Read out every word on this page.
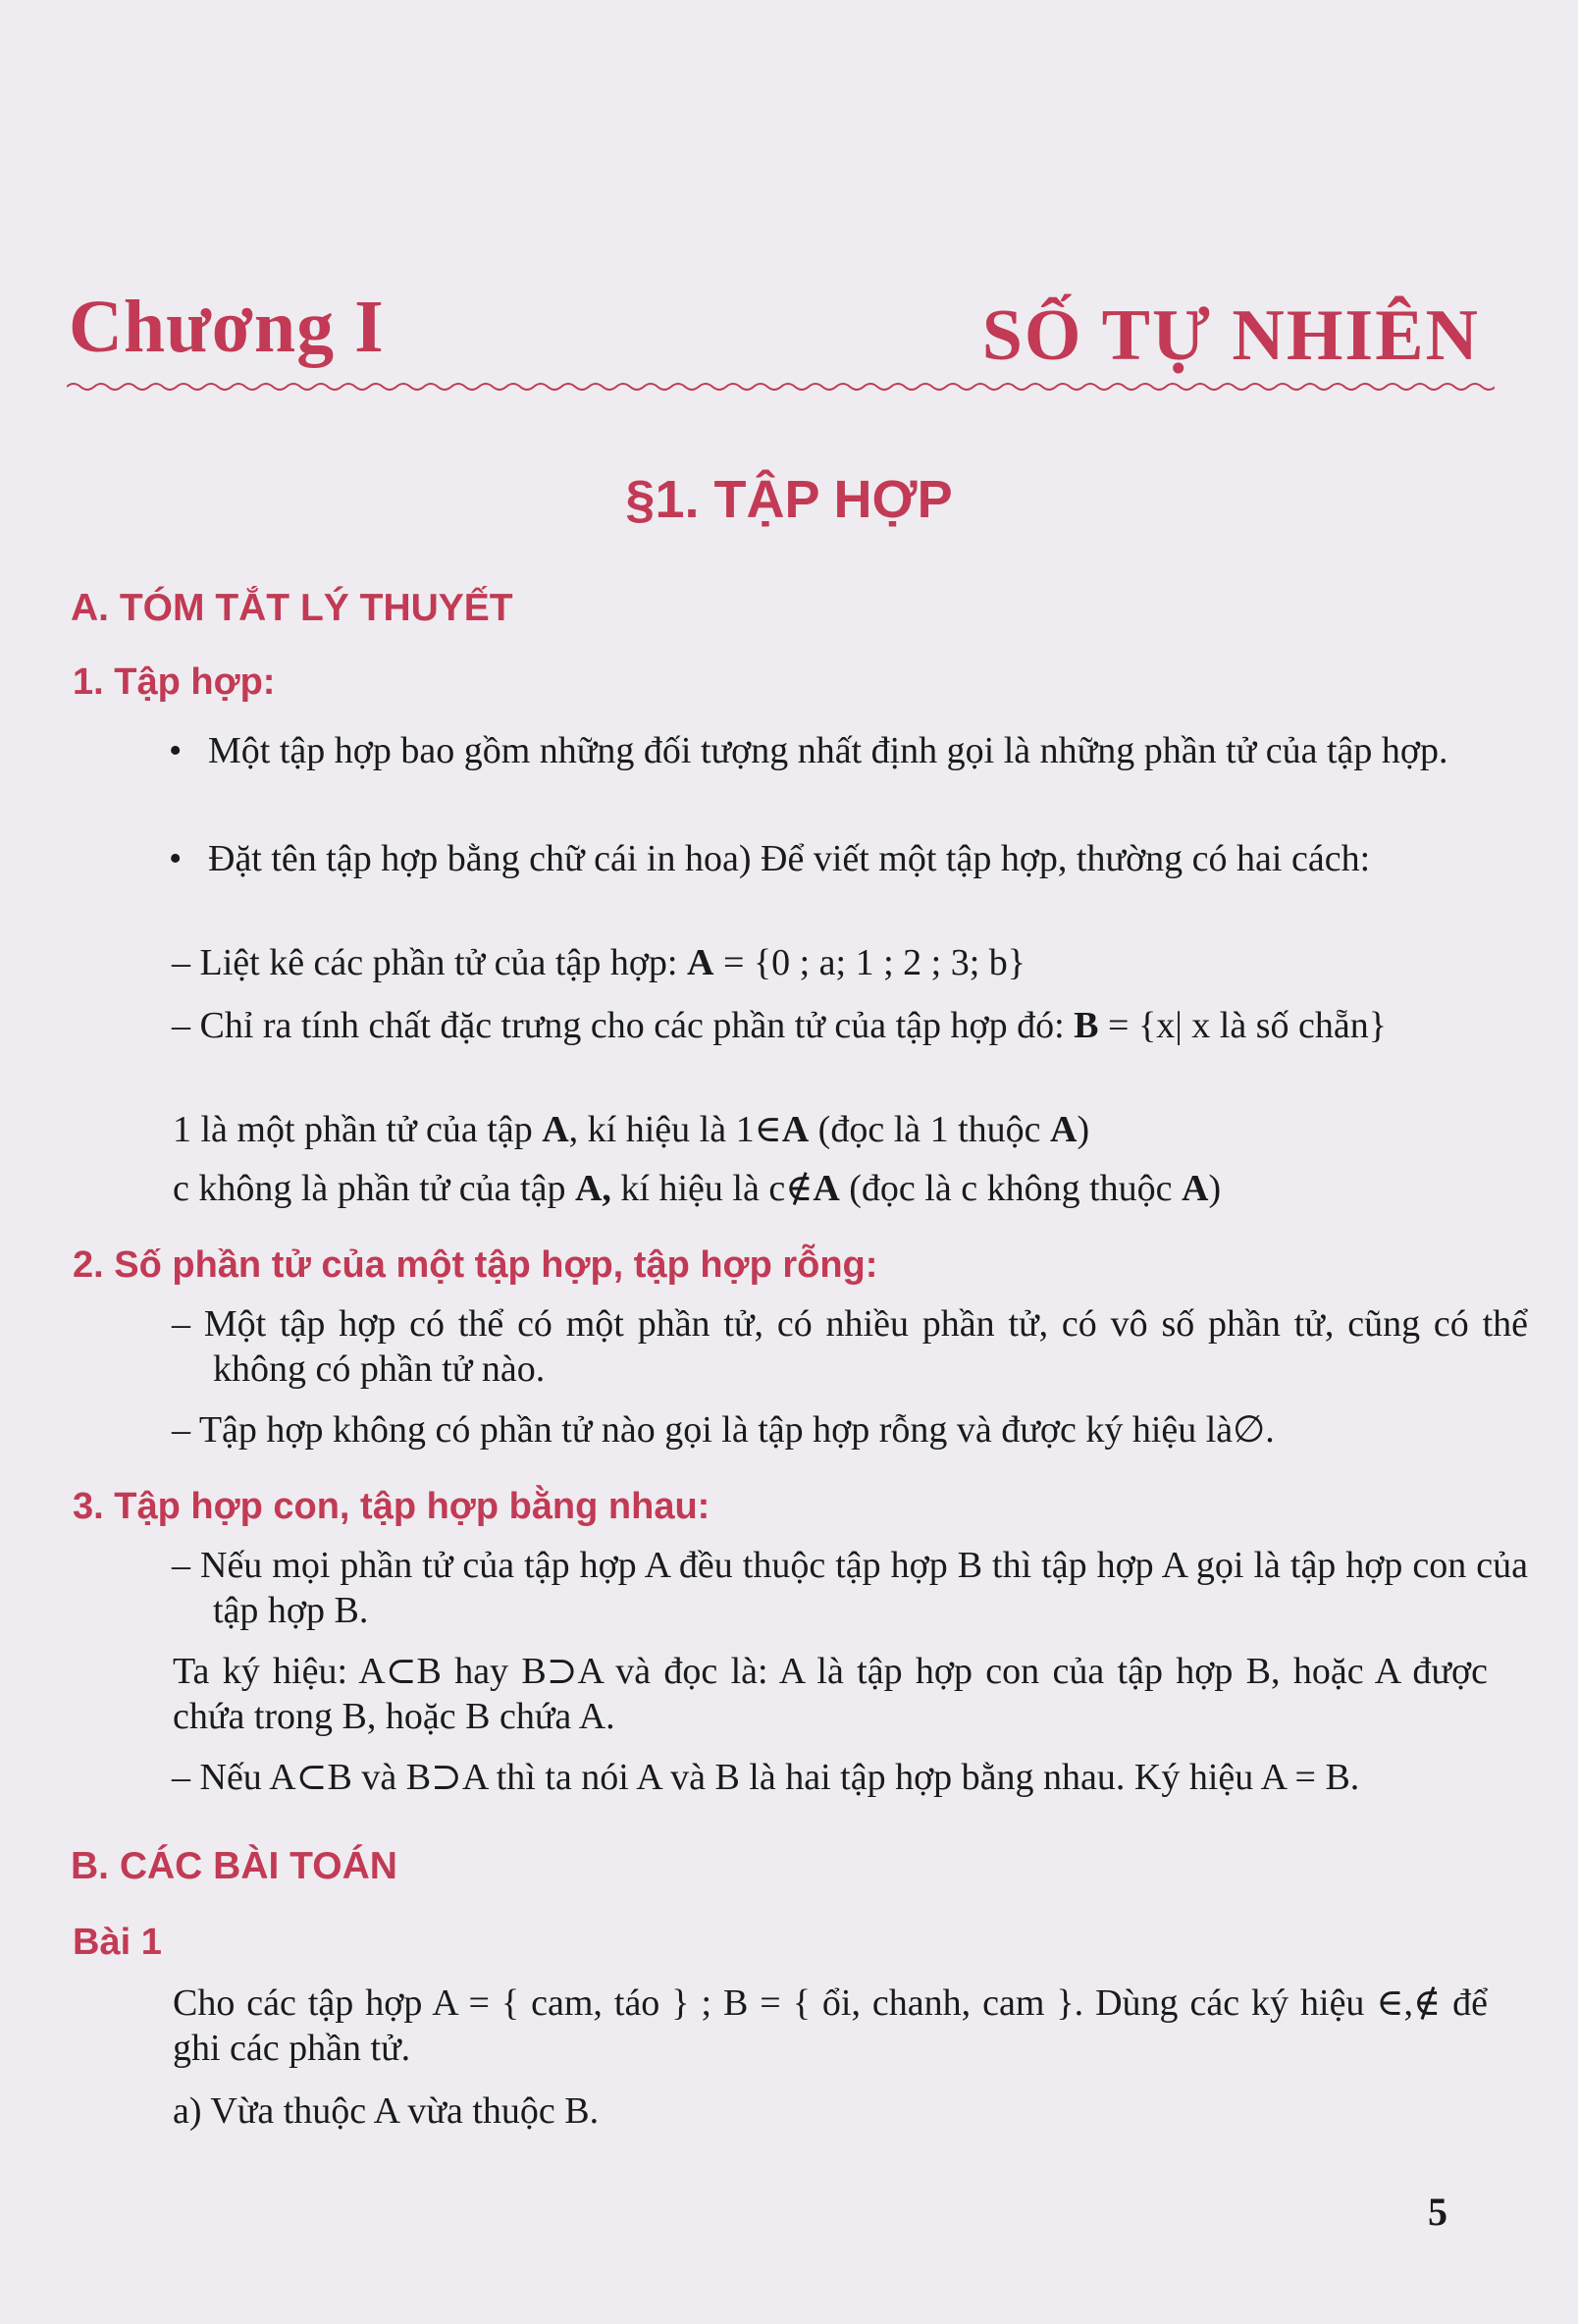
Chương I	SỐ TỰ NHIÊN
§1. TẬP HỢP
A. TÓM TẮT LÝ THUYẾT
1. Tập hợp:
• Một tập hợp bao gồm những đối tượng nhất định gọi là những phần tử của tập hợp.
• Đặt tên tập hợp bằng chữ cái in hoa) Để viết một tập hợp, thường có hai cách:
– Liệt kê các phần tử của tập hợp: A = {0 ; a; 1 ; 2 ; 3; b}
– Chỉ ra tính chất đặc trưng cho các phần tử của tập hợp đó: B = {x| x là số chẵn}
1 là một phần tử của tập A, kí hiệu là 1∈A (đọc là 1 thuộc A)
c không là phần tử của tập A, kí hiệu là c∉A (đọc là c không thuộc A)
2. Số phần tử của một tập hợp, tập hợp rỗng:
– Một tập hợp có thể có một phần tử, có nhiều phần tử, có vô số phần tử, cũng có thể không có phần tử nào.
– Tập hợp không có phần tử nào gọi là tập hợp rỗng và được ký hiệu là∅.
3. Tập hợp con, tập hợp bằng nhau:
– Nếu mọi phần tử của tập hợp A đều thuộc tập hợp B thì tập hợp A gọi là tập hợp con của tập hợp B.
Ta ký hiệu: A⊂B hay B⊃A và đọc là: A là tập hợp con của tập hợp B, hoặc A được chứa trong B, hoặc B chứa A.
– Nếu A⊂B và B⊃A thì ta nói A và B là hai tập hợp bằng nhau. Ký hiệu A = B.
B. CÁC BÀI TOÁN
Bài 1
Cho các tập hợp A = { cam, táo } ; B = { ổi, chanh, cam }. Dùng các ký hiệu ∈,∉ để ghi các phần tử.
a) Vừa thuộc A vừa thuộc B.
5
